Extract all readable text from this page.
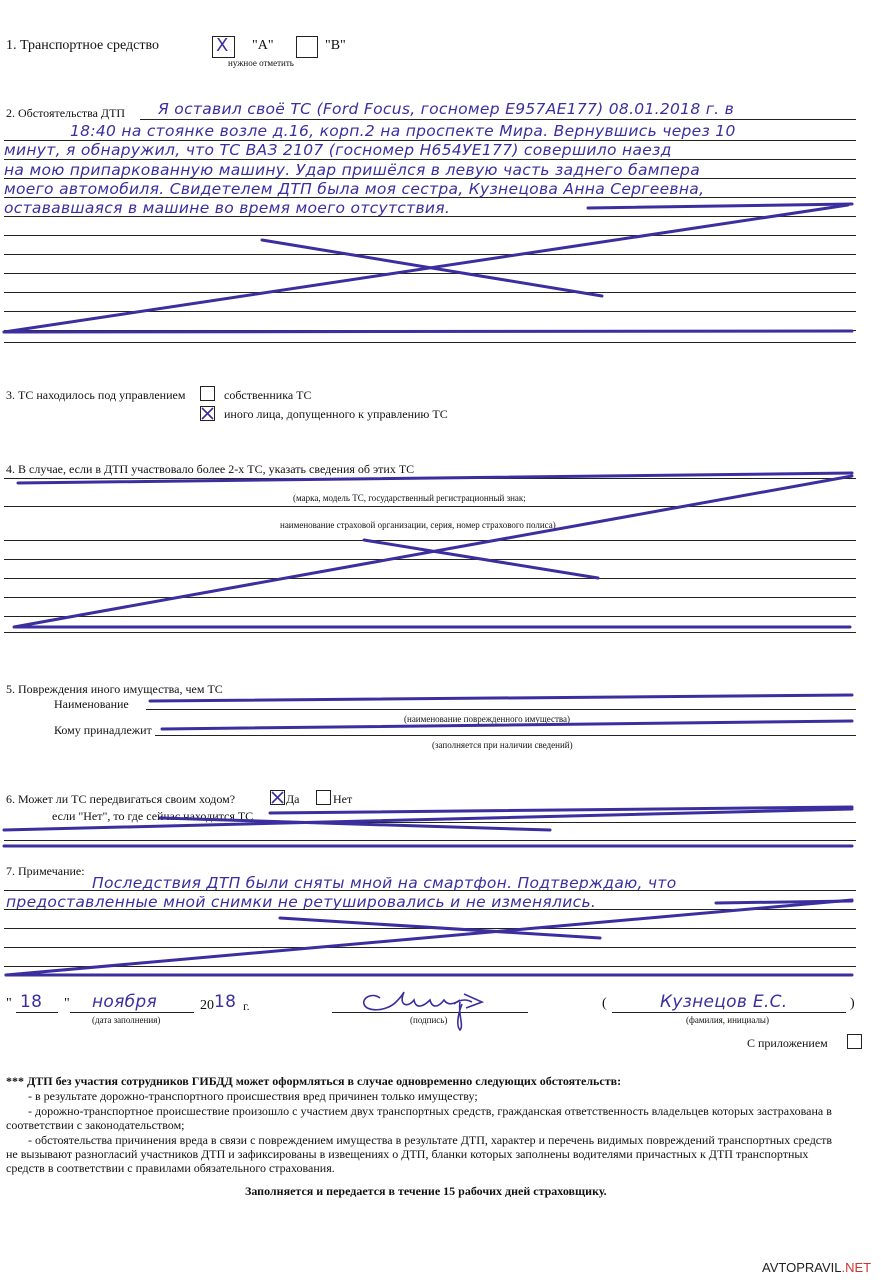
1. Транспортное средство	X "A"	"B"
нужное отметить
2. Обстоятельства ДТП Я оставил своё ТС (Ford Focus, госномер Е957АЕ177) 08.01.2018 г. в
18:40 на стоянке возле д.16, корп.2 на проспекте Мира. Вернувшись через 10
минут, я обнаружил, что ТС ВАЗ 2107 (госномер Н654УЕ177) совершило наезд
на мою припаркованную машину. Удар пришёлся в левую часть заднего бампера
моего автомобиля. Свидетелем ДТП была моя сестра, Кузнецова Анна Сергеевна,
остававшаяся в машине во время моего отсутствия.
3. ТС находилось под управлением	собственника ТС
иного лица, допущенного к управлению ТС
4. В случае, если в ДТП участвовало более 2-х ТС, указать сведения об этих ТС
(марка, модель ТС, государственный регистрационный знак;
наименование страховой организации, серия, номер страхового полиса)
5. Повреждения иного имущества, чем ТС
Наименование
(наименование поврежденного имущества)
Кому принадлежит
(заполняется при наличии сведений)
6. Может ли ТС передвигаться своим ходом?	Да	Нет
если "Нет", то где сейчас находится ТС
7. Примечание:
Последствия ДТП были сняты мной на смартфон. Подтверждаю, что
предоставленные мной снимки не ретушировались и не изменялись.
" 18 " ноября	20 18 г.
(дата заполнения)	(подпись)
(	Кузнецов Е.С.	)
(фамилия, инициалы)
С приложением
*** ДТП без участия сотрудников ГИБДД может оформляться в случае одновременно следующих обстоятельств:
- в результате дорожно-транспортного происшествия вред причинен только имуществу;
- дорожно-транспортное происшествие произошло с участием двух транспортных средств, гражданская ответственность владельцев которых застрахована в
соответствии с законодательством;
- обстоятельства причинения вреда в связи с повреждением имущества в результате ДТП, характер и перечень видимых повреждений транспортных средств
не вызывают разногласий участников ДТП и зафиксированы в извещениях о ДТП, бланки которых заполнены водителями причастных к ДТП транспортных
средств в соответствии с правилами обязательного страхования.
Заполняется и передается в течение 15 рабочих дней страховщику.
AVTOPRAVIL.NET
